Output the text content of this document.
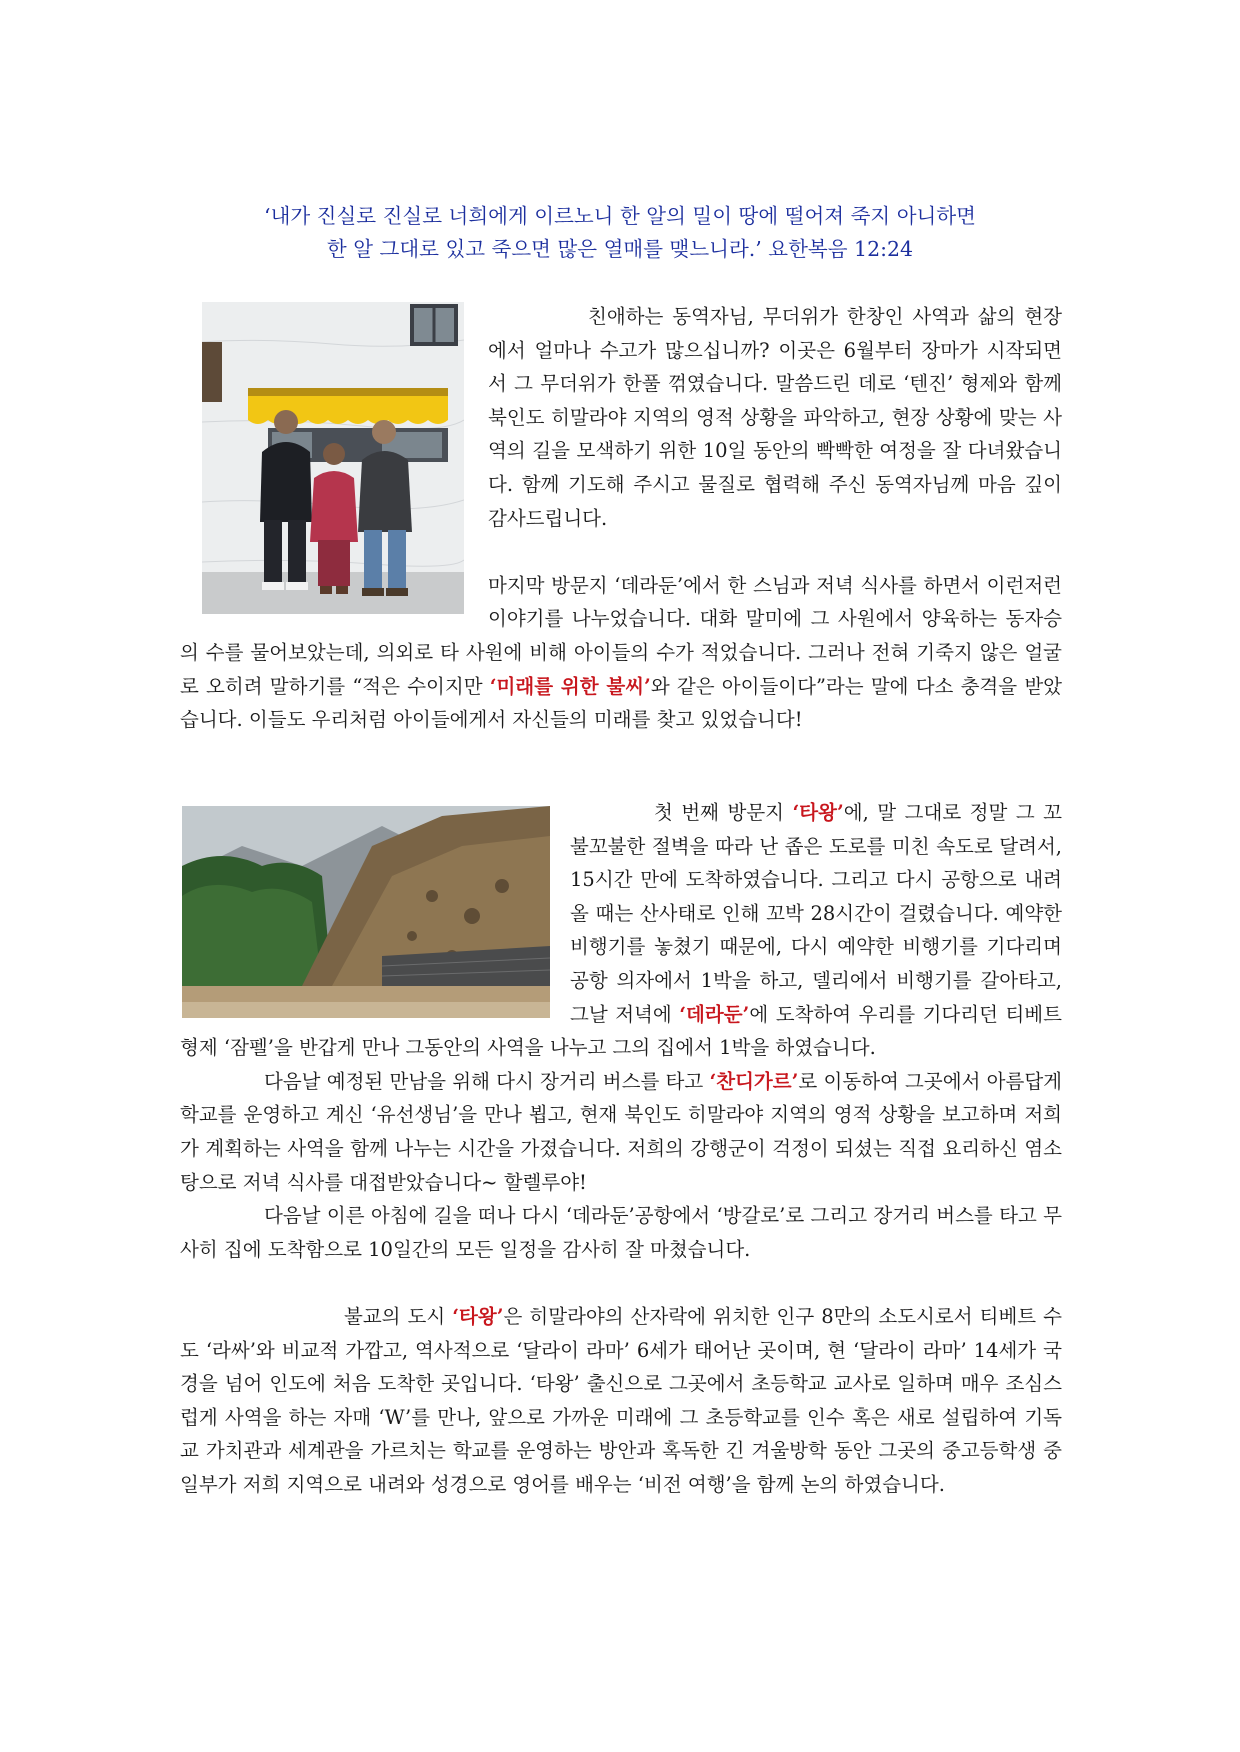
‘내가 진실로 진실로 너희에게 이르노니 한 알의 밀이 땅에 떨어져 죽지 아니하면
한 알 그대로 있고 죽으면 많은 열매를 맺느니라.’ 요한복음 12:24

친애하는 동역자님, 무더위가 한창인 사역과 삶의 현장에서 얼마나 수고가 많으십니까? 이곳은 6월부터 장마가 시작되면서 그 무더위가 한풀 꺾였습니다. 말씀드린 데로 ‘텐진’ 형제와 함께 북인도 히말라야 지역의 영적 상황을 파악하고, 현장 상황에 맞는 사역의 길을 모색하기 위한 10일 동안의 빡빡한 여정을 잘 다녀왔습니다. 함께 기도해 주시고 물질로 협력해 주신 동역자님께 마음 깊이 감사드립니다.

마지막 방문지 ‘데라둔’에서 한 스님과 저녁 식사를 하면서 이런저런 이야기를 나누었습니다. 대화 말미에 그 사원에서 양육하는 동자승의 수를 물어보았는데, 의외로 타 사원에 비해 아이들의 수가 적었습니다. 그러나 전혀 기죽지 않은 얼굴로 오히려 말하기를 “적은 수이지만 ‘미래를 위한 불씨’와 같은 아이들이다”라는 말에 다소 충격을 받았습니다. 이들도 우리처럼 아이들에게서 자신들의 미래를 찾고 있었습니다!

첫 번째 방문지 ‘타왕’에, 말 그대로 정말 그 꼬불꼬불한 절벽을 따라 난 좁은 도로를 미친 속도로 달려서, 15시간 만에 도착하였습니다. 그리고 다시 공항으로 내려올 때는 산사태로 인해 꼬박 28시간이 걸렸습니다. 예약한 비행기를 놓쳤기 때문에, 다시 예약한 비행기를 기다리며 공항 의자에서 1박을 하고, 델리에서 비행기를 갈아타고, 그날 저녁에 ‘데라둔’에 도착하여 우리를 기다리던 티베트 형제 ‘잠펠’을 반갑게 만나 그동안의 사역을 나누고 그의 집에서 1박을 하였습니다.

다음날 예정된 만남을 위해 다시 장거리 버스를 타고 ‘찬디가르’로 이동하여 그곳에서 아름답게 학교를 운영하고 계신 ‘유선생님’을 만나 뵙고, 현재 북인도 히말라야 지역의 영적 상황을 보고하며 저희가 계획하는 사역을 함께 나누는 시간을 가졌습니다. 저희의 강행군이 걱정이 되셨는 직접 요리하신 염소탕으로 저녁 식사를 대접받았습니다~ 할렐루야!

다음날 이른 아침에 길을 떠나 다시 ‘데라둔’공항에서 ‘방갈로’로 그리고 장거리 버스를 타고 무사히 집에 도착함으로 10일간의 모든 일정을 감사히 잘 마쳤습니다.

불교의 도시 ‘타왕’은 히말라야의 산자락에 위치한 인구 8만의 소도시로서 티베트 수도 ‘라싸’와 비교적 가깝고, 역사적으로 ‘달라이 라마’ 6세가 태어난 곳이며, 현 ‘달라이 라마’ 14세가 국경을 넘어 인도에 처음 도착한 곳입니다. ‘타왕’ 출신으로 그곳에서 초등학교 교사로 일하며 매우 조심스럽게 사역을 하는 자매 ‘W’를 만나, 앞으로 가까운 미래에 그 초등학교를 인수 혹은 새로 설립하여 기독교 가치관과 세계관을 가르치는 학교를 운영하는 방안과 혹독한 긴 겨울방학 동안 그곳의 중고등학생 중 일부가 저희 지역으로 내려와 성경으로 영어를 배우는 ‘비전 여행’을 함께 논의 하였습니다.
